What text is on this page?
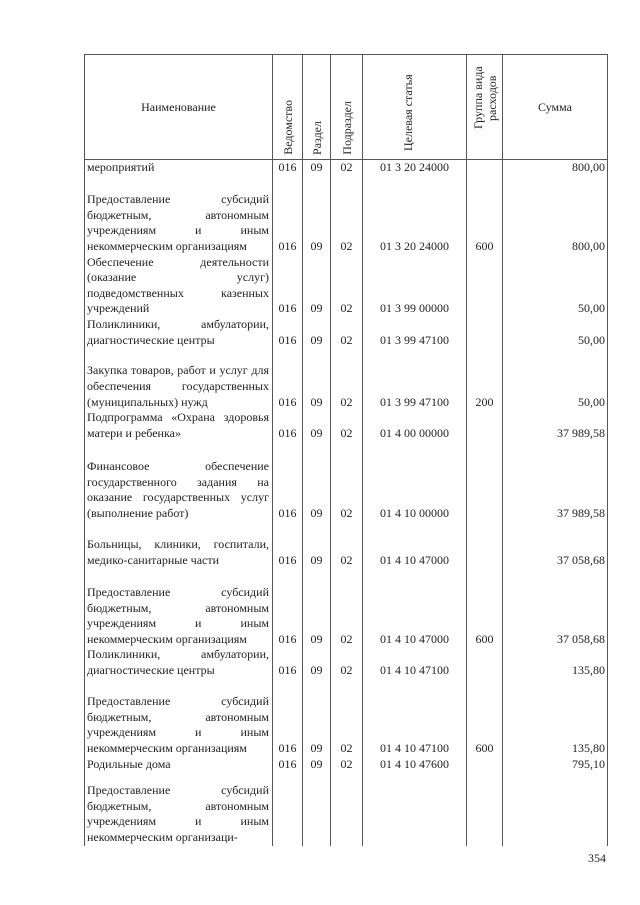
Наименование	Ведомство	Раздел	Подраздел	Целевая статья	Группа вида расходов	Сумма
мероприятий	016	09	02	01 3 20 24000		800,00
Предоставление субсидий бюджетным, автономным учреждениям и иным некоммерческим организациям	016	09	02	01 3 20 24000	600	800,00
Обеспечение деятельности (оказание услуг) подведомственных казенных учреждений	016	09	02	01 3 99 00000		50,00
Поликлиники, амбулатории, диагностические центры	016	09	02	01 3 99 47100		50,00
Закупка товаров, работ и услуг для обеспечения государственных (муниципальных) нужд	016	09	02	01 3 99 47100	200	50,00
Подпрограмма «Охрана здоровья матери и ребенка»	016	09	02	01 4 00 00000		37 989,58
Финансовое обеспечение государственного задания на оказание государственных услуг (выполнение работ)	016	09	02	01 4 10 00000		37 989,58
Больницы, клиники, госпитали, медико-санитарные части	016	09	02	01 4 10 47000		37 058,68
Предоставление субсидий бюджетным, автономным учреждениям и иным некоммерческим организациям	016	09	02	01 4 10 47000	600	37 058,68
Поликлиники, амбулатории, диагностические центры	016	09	02	01 4 10 47100		135,80
Предоставление субсидий бюджетным, автономным учреждениям и иным некоммерческим организациям	016	09	02	01 4 10 47100	600	135,80
Родильные дома	016	09	02	01 4 10 47600		795,10
Предоставление субсидий бюджетным, автономным учреждениям и иным некоммерческим организаци-						
354
